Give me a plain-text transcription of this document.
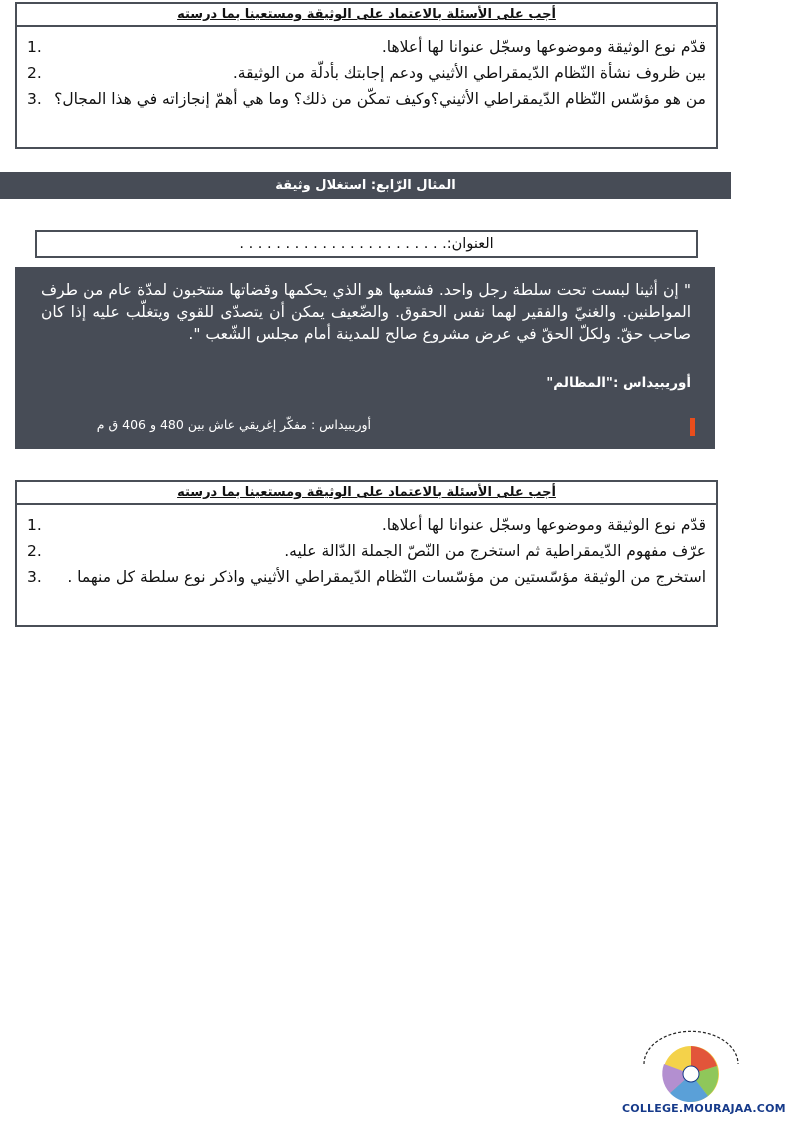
أجب على الأسئلة بالاعتماد على الوثيقة ومستعينا بما درسته
1.	قدّم نوع الوثيقة وموضوعها وسجّل عنوانا لها أعلاها.
2.	بين ظروف نشأة النّظام الدّيمقراطي الأثيني ودعم إجابتك بأدلّة من الوثيقة.
3. من هو مؤسّس النّظام الدّيمقراطي الأثيني؟وكيف تمكّن من ذلك؟ وما هي أهمّ إنجازاته في هذا المجال؟
المثال الرّابع: استغلال وثيقة
العنوان:. . . . . . . . . . . . . . . . . . . . . . .

" إن أثينا لبست تحت سلطة رجل واحد. فشعبها هو الذي يحكمها وقضاتها منتخبون لمدّة عام من طرف المواطنين. والغنيّ والفقير لهما نفس الحقوق. والضّعيف يمكن أن يتصدّى للقوي ويتغلّب عليه إذا كان صاحب حقّ. ولكلّ الحقّ في عرض مشروع صالح للمدينة أمام مجلس الشّعب ".

أوريبيداس :"المظالم"
أوريبيداس : مفكّر إغريقي عاش بين 480 و 406 ق م
أجب على الأسئلة بالاعتماد على الوثيقة ومستعينا بما درسته
1.	قدّم نوع الوثيقة وموضوعها وسجّل عنوانا لها أعلاها.
2.	عرّف مفهوم الدّيمقراطية ثم استخرج من النّصّ الجملة الدّالة عليه.
3.	استخرج من الوثيقة مؤسّستين من مؤسّسات النّظام الدّيمقراطي الأثيني واذكر نوع سلطة كل منهما .
COLLEGE.MOURAJAA.COM
